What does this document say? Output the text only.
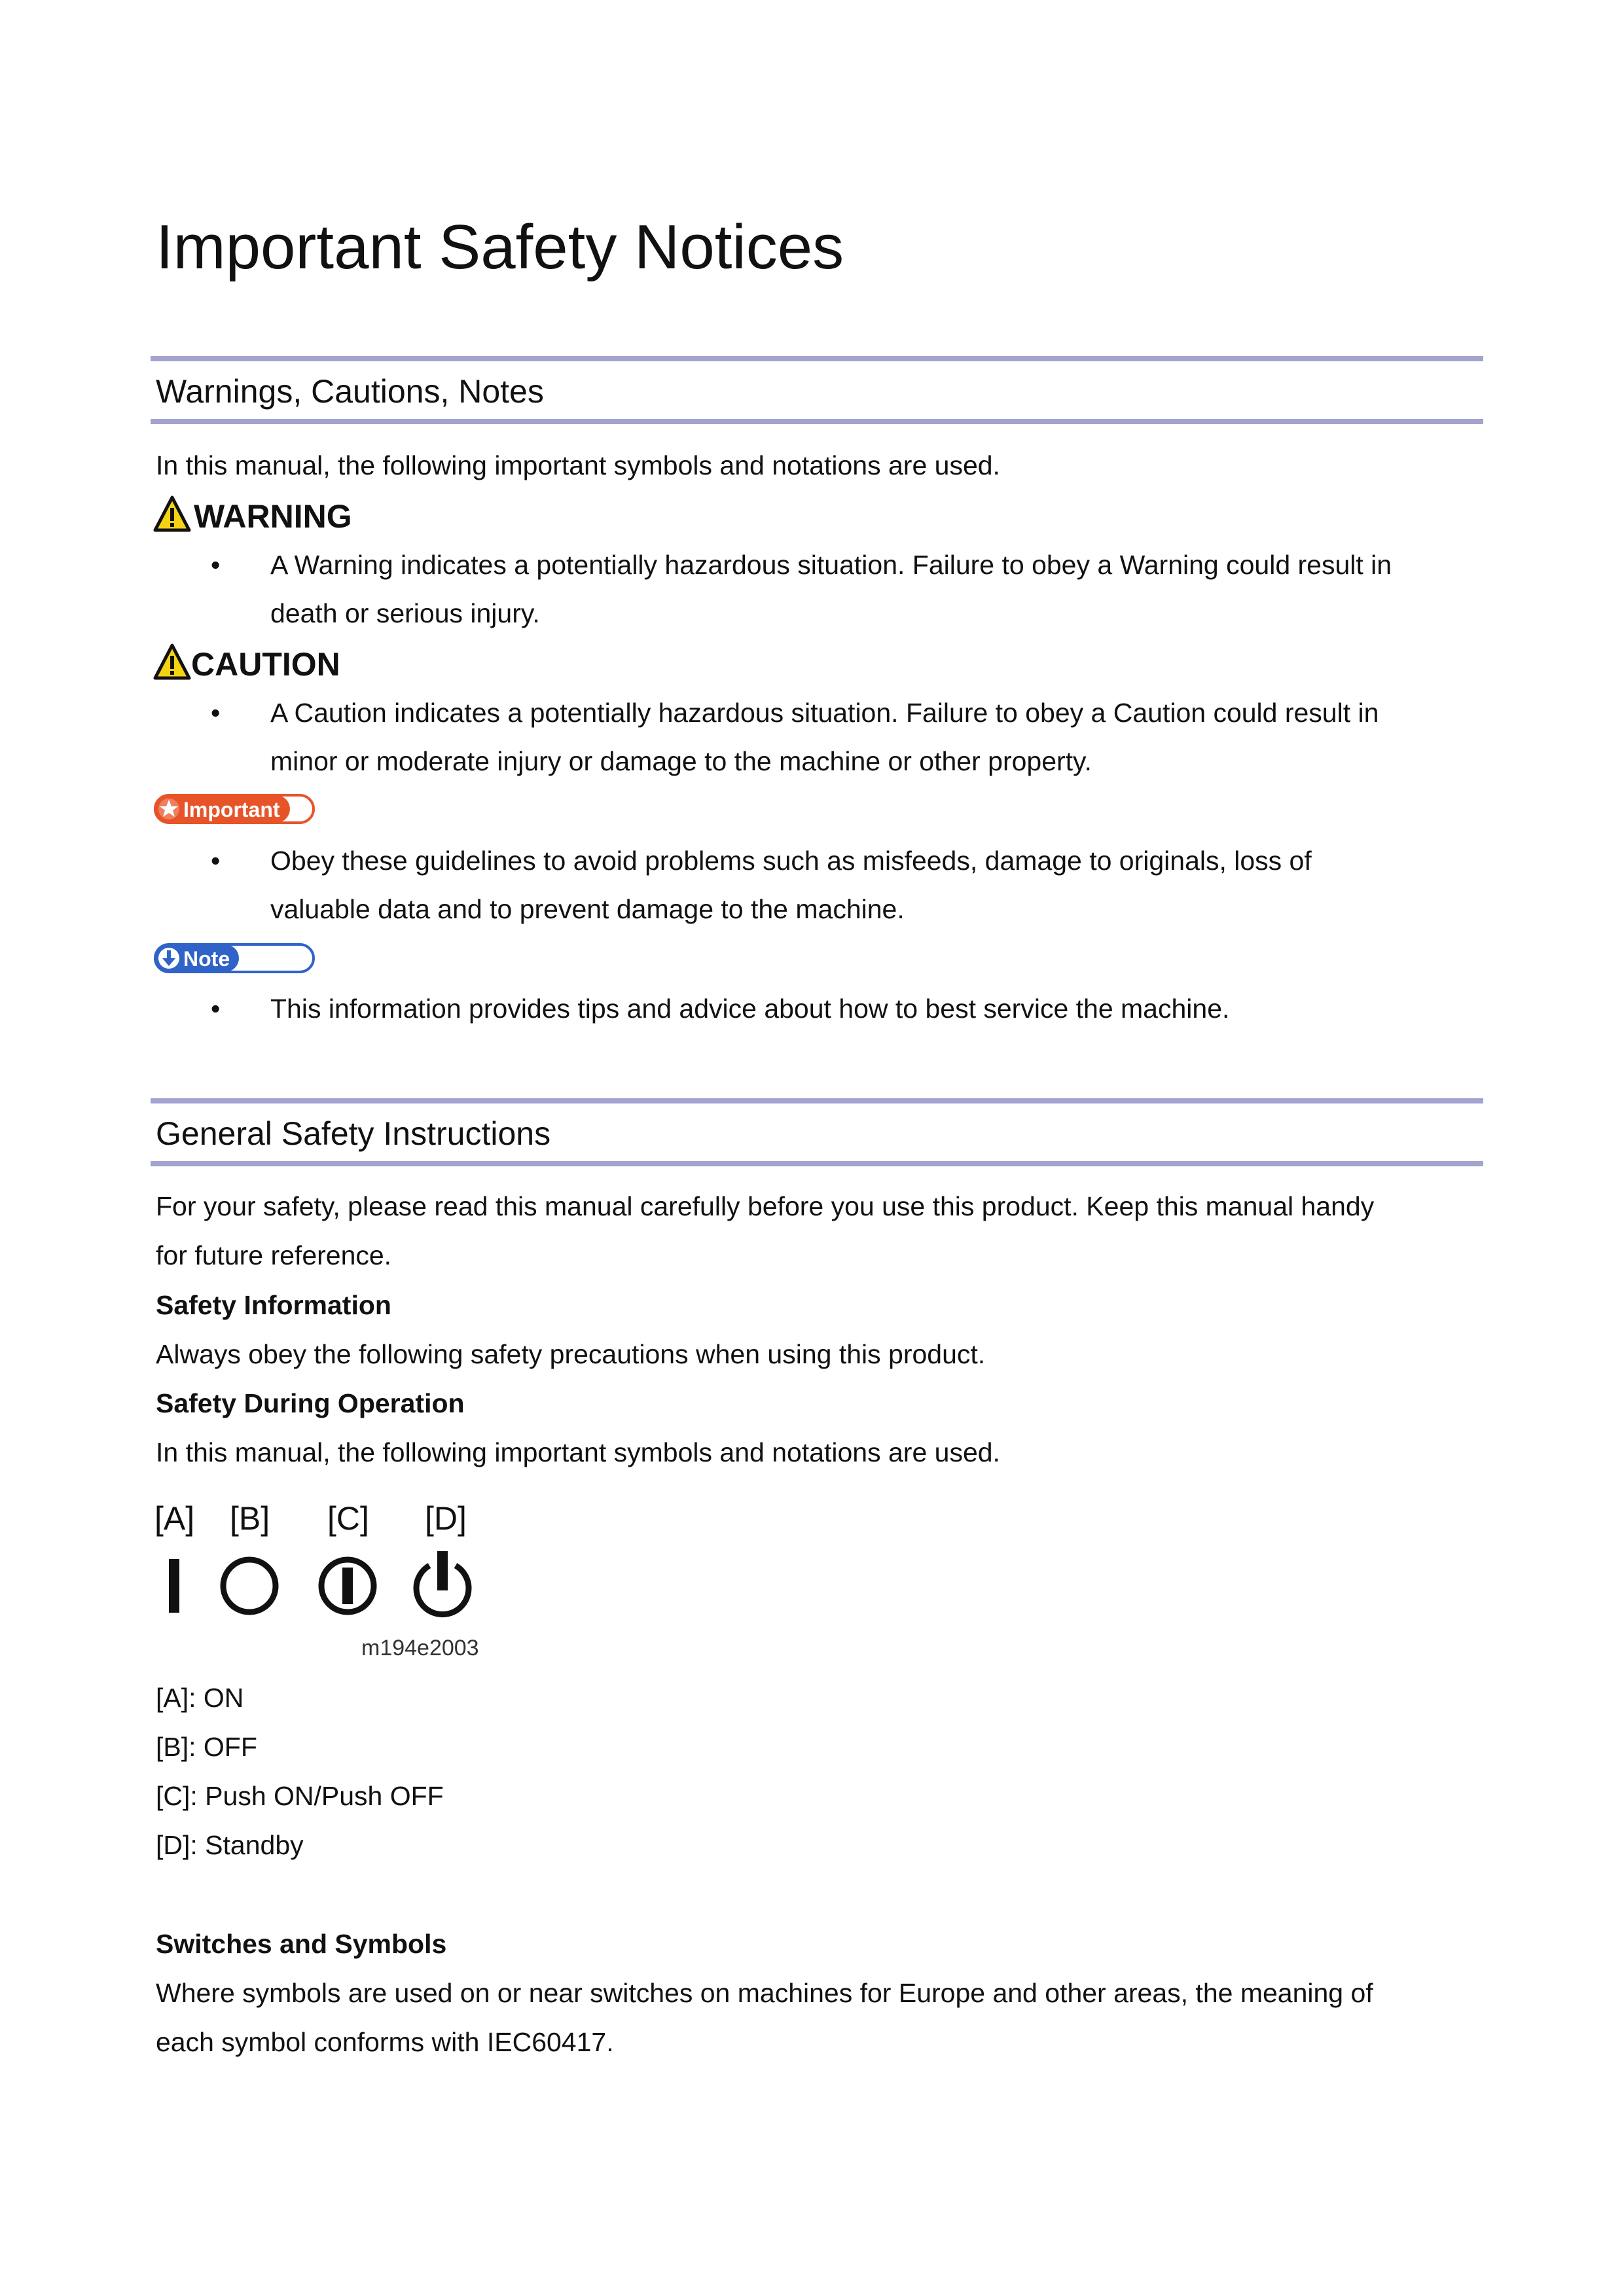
Important Safety Notices
Warnings, Cautions, Notes
In this manual, the following important symbols and notations are used.
WARNING
• A Warning indicates a potentially hazardous situation. Failure to obey a Warning could result in
death or serious injury.
CAUTION
• A Caution indicates a potentially hazardous situation. Failure to obey a Caution could result in
minor or moderate injury or damage to the machine or other property.
Important
• Obey these guidelines to avoid problems such as misfeeds, damage to originals, loss of
valuable data and to prevent damage to the machine.
Note
• This information provides tips and advice about how to best service the machine.
General Safety Instructions
For your safety, please read this manual carefully before you use this product. Keep this manual handy
for future reference.
Safety Information
Always obey the following safety precautions when using this product.
Safety During Operation
In this manual, the following important symbols and notations are used.
[A] [B] [C] [D]
m194e2003
[A]: ON
[B]: OFF
[C]: Push ON/Push OFF
[D]: Standby
Switches and Symbols
Where symbols are used on or near switches on machines for Europe and other areas, the meaning of
each symbol conforms with IEC60417.
